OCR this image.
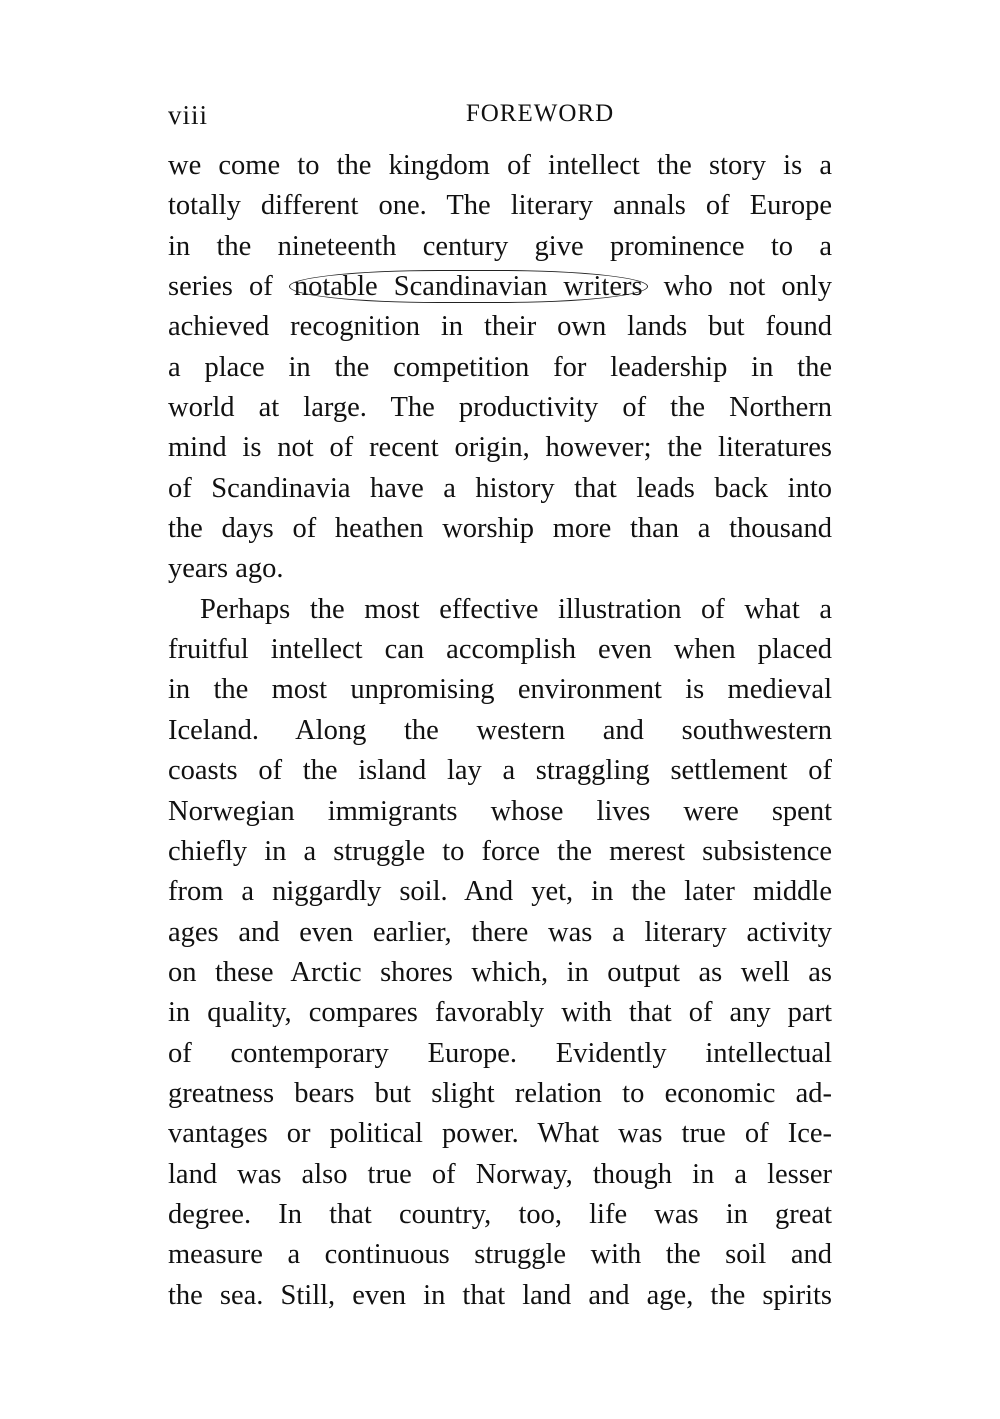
viii	FOREWORD
we come to the kingdom of intellect the story is a
totally different one. The literary annals of Europe
in the nineteenth century give prominence to a
series of notable Scandinavian writers who not only
achieved recognition in their own lands but found
a place in the competition for leadership in the
world at large. The productivity of the Northern
mind is not of recent origin, however; the literatures
of Scandinavia have a history that leads back into
the days of heathen worship more than a thousand
years ago.
Perhaps the most effective illustration of what a
fruitful intellect can accomplish even when placed
in the most unpromising environment is medieval
Iceland. Along the western and southwestern
coasts of the island lay a straggling settlement of
Norwegian immigrants whose lives were spent
chiefly in a struggle to force the merest subsistence
from a niggardly soil. And yet, in the later middle
ages and even earlier, there was a literary activity
on these Arctic shores which, in output as well as
in quality, compares favorably with that of any part
of contemporary Europe. Evidently intellectual
greatness bears but slight relation to economic ad-
vantages or political power. What was true of Ice-
land was also true of Norway, though in a lesser
degree. In that country, too, life was in great
measure a continuous struggle with the soil and
the sea. Still, even in that land and age, the spirits
